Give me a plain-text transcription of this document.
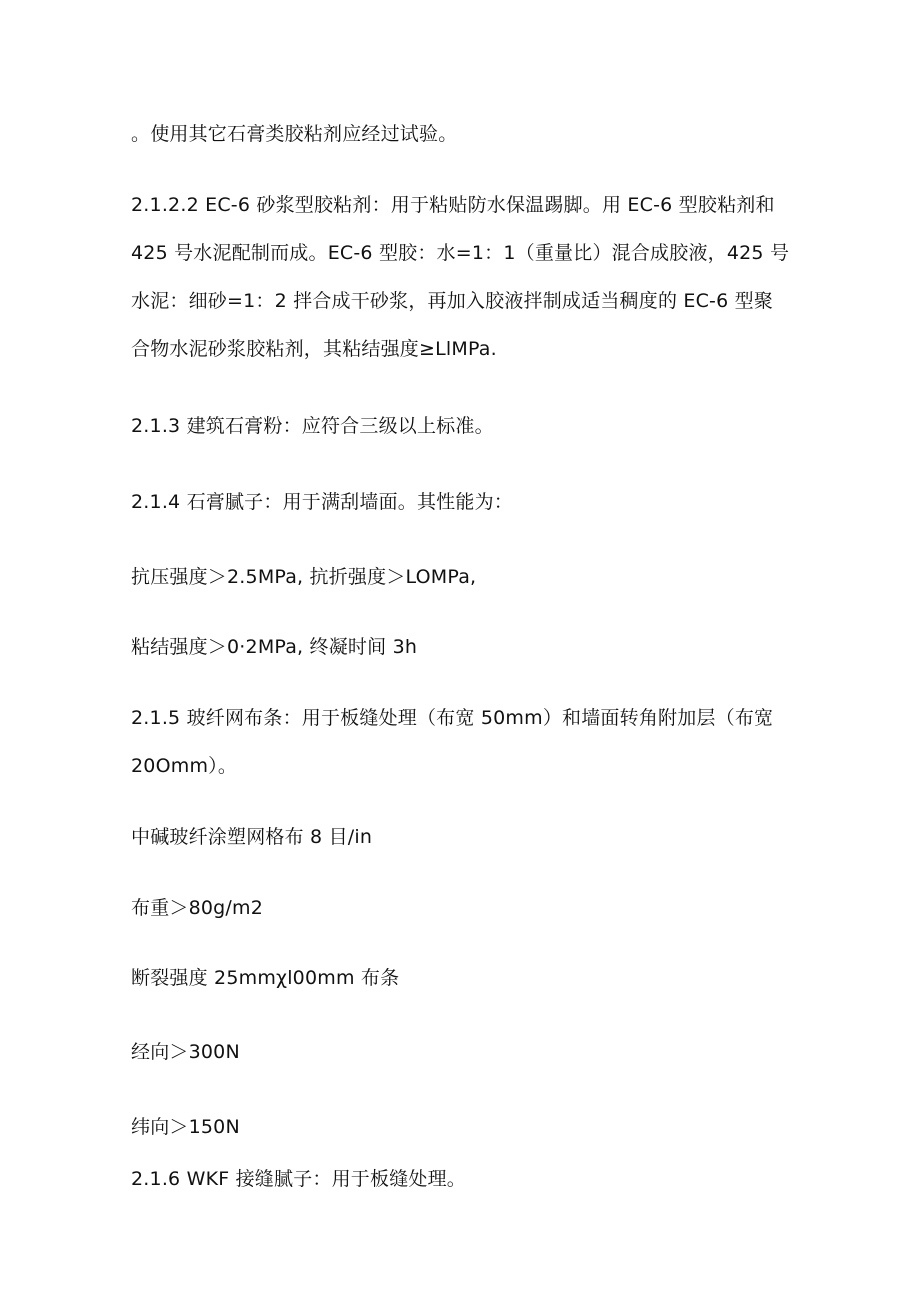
。使用其它石膏类胶粘剂应经过试验。
2.1.2.2 EC-6 砂浆型胶粘剂：用于粘贴防水保温踢脚。用 EC-6 型胶粘剂和
425 号水泥配制而成。EC-6 型胶：水=1：1（重量比）混合成胶液，425 号
水泥：细砂=1：2 拌合成干砂浆，再加入胶液拌制成适当稠度的 EC-6 型聚
合物水泥砂浆胶粘剂，其粘结强度≥LlMPa.
2.1.3 建筑石膏粉：应符合三级以上标准。
2.1.4 石膏腻子：用于满刮墙面。其性能为：
抗压强度＞2.5MPa, 抗折强度＞LOMPa,
粘结强度＞0·2MPa, 终凝时间 3h
2.1.5 玻纤网布条：用于板缝处理（布宽 50mm）和墙面转角附加层（布宽
20Omm）。
中碱玻纤涂塑网格布 8 目/in
布重＞80g∕m2
断裂强度 25mmχl00mm 布条
经向＞300N
纬向＞150N
2.1.6 WKF 接缝腻子：用于板缝处理。
